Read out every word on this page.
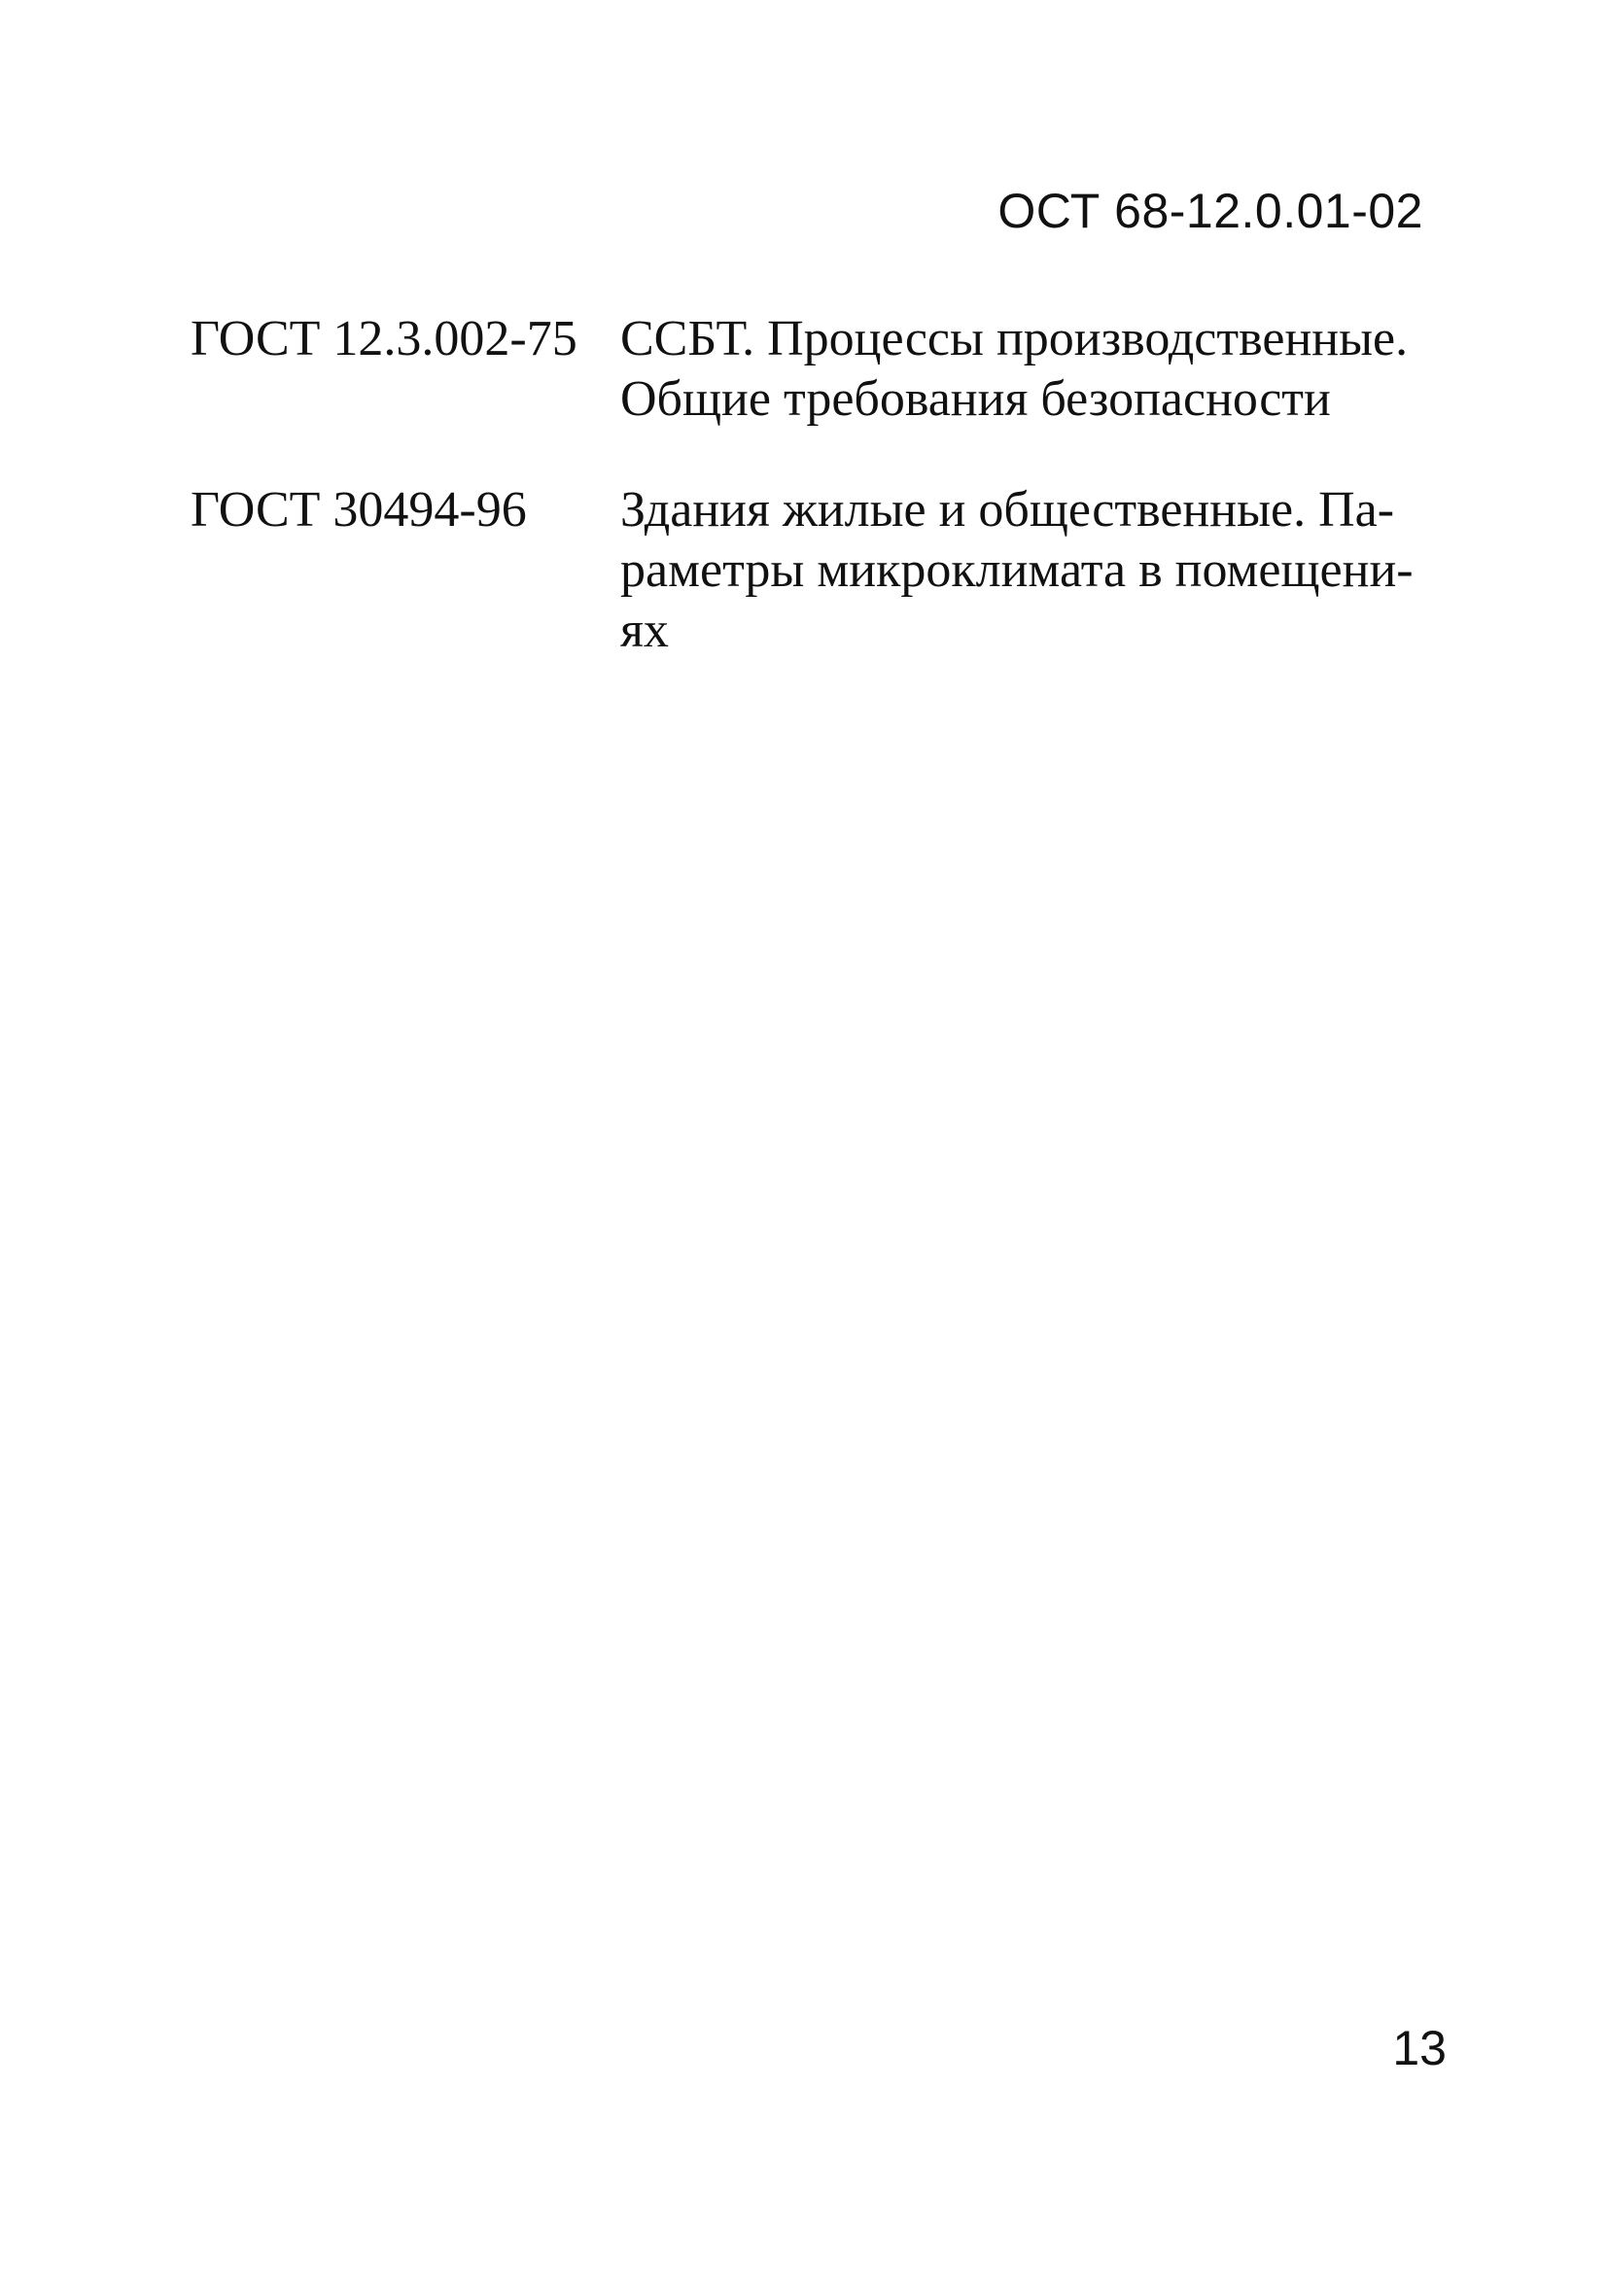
ОСТ 68-12.0.01-02
ГОСТ 12.3.002-75 ССБТ. Процессы производственные.
Общие требования безопасности
ГОСТ 30494-96	Здания жилые и общественные. Па-
раметры микроклимата в помещени-
ях
13
